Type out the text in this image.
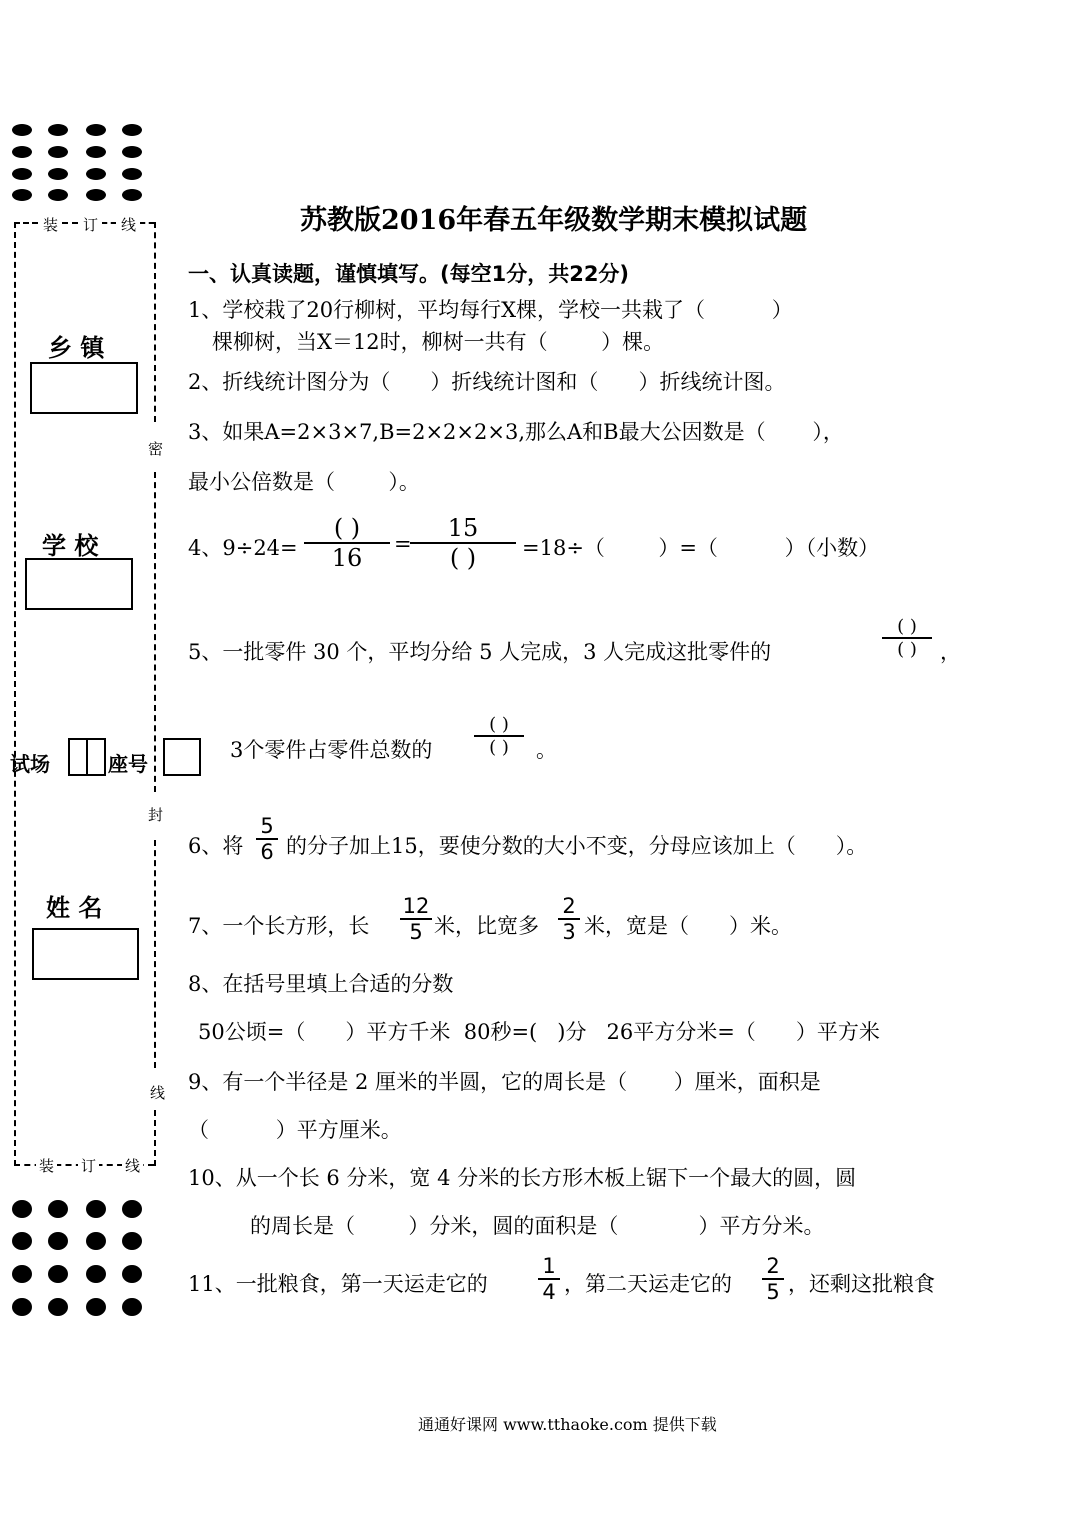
装 订 线
装 订 线
密
封
线
乡 镇
学 校
试场	座号
姓 名
苏教版2016年春五年级数学期末模拟试题
一、认真读题，谨慎填写。(每空1分，共22分)
1、学校栽了20行柳树，平均每行X棵，学校一共栽了（          ）
棵柳树，当X＝12时，柳树一共有（        ）棵。
2、折线统计图分为（      ）折线统计图和（      ）折线统计图。
3、如果A=2×3×7,B=2×2×2×3,那么A和B最大公因数是（       ），
最小公倍数是（        ）。
4、9÷24=
( )
16	=
15
( )	=18÷（        ）=（          ）（小数）
5、一批零件 30 个，平均分给 5 人完成，3 人完成这批零件的
( )
( )	，
3个零件占零件总数的
( )
( )	。
6、将 $\frac{5}{6}$ 的分子加上15，要使分数的大小不变，分母应该加上（      ）。
7、一个长方形，长 $\frac{12}{5}$ 米，比宽多 $\frac{2}{3}$ 米，宽是（      ）米。
8、在括号里填上合适的分数
50公顷=（      ）平方千米  80秒=(   )分   26平方分米=（      ）平方米
9、有一个半径是 2 厘米的半圆，它的周长是（       ）厘米，面积是
（          ）平方厘米。
10、从一个长 6 分米，宽 4 分米的长方形木板上锯下一个最大的圆，圆
的周长是（        ）分米，圆的面积是（            ）平方分米。
11、一批粮食，第一天运走它的 $\frac{1}{4}$ ，第二天运走它的 $\frac{2}{5}$ ，还剩这批粮食
通通好课网 www.tthaoke.com 提供下载
